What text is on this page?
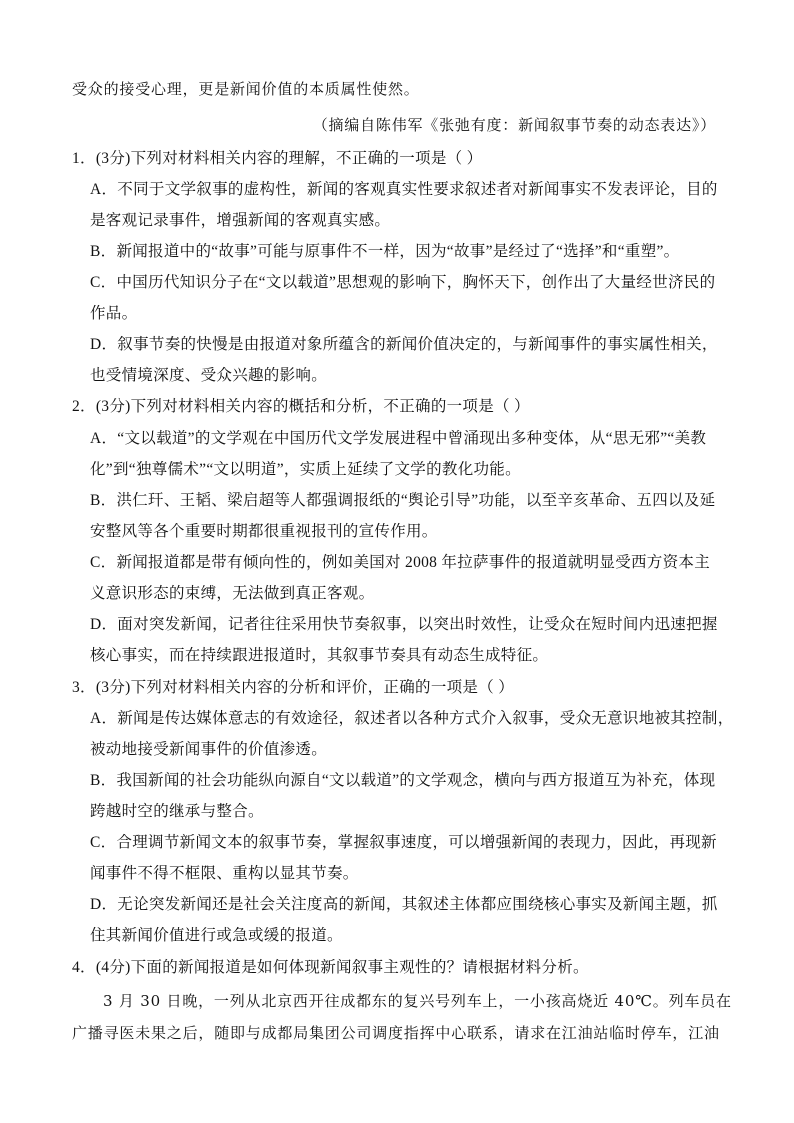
受众的接受心理，更是新闻价值的本质属性使然。
（摘编自陈伟军《张弛有度：新闻叙事节奏的动态表达》）
1．(3分)下列对材料相关内容的理解，不正确的一项是（ ）
A．不同于文学叙事的虚构性，新闻的客观真实性要求叙述者对新闻事实不发表评论，目的
是客观记录事件，增强新闻的客观真实感。
B．新闻报道中的“故事”可能与原事件不一样，因为“故事”是经过了“选择”和“重塑”。
C．中国历代知识分子在“文以载道”思想观的影响下，胸怀天下，创作出了大量经世济民的
作品。
D．叙事节奏的快慢是由报道对象所蕴含的新闻价值决定的，与新闻事件的事实属性相关，
也受情境深度、受众兴趣的影响。
2．(3分)下列对材料相关内容的概括和分析，不正确的一项是（ ）
A．“文以载道”的文学观在中国历代文学发展进程中曾涌现出多种变体，从“思无邪”“美教
化”到“独尊儒术”“文以明道”，实质上延续了文学的教化功能。
B．洪仁玕、王韬、梁启超等人都强调报纸的“舆论引导”功能，以至辛亥革命、五四以及延
安整风等各个重要时期都很重视报刊的宣传作用。
C．新闻报道都是带有倾向性的，例如美国对 2008 年拉萨事件的报道就明显受西方资本主
义意识形态的束缚，无法做到真正客观。
D．面对突发新闻，记者往往采用快节奏叙事，以突出时效性，让受众在短时间内迅速把握
核心事实，而在持续跟进报道时，其叙事节奏具有动态生成特征。
3．(3分)下列对材料相关内容的分析和评价，正确的一项是（ ）
A．新闻是传达媒体意志的有效途径，叙述者以各种方式介入叙事，受众无意识地被其控制，
被动地接受新闻事件的价值渗透。
B．我国新闻的社会功能纵向源自“文以载道”的文学观念，横向与西方报道互为补充，体现
跨越时空的继承与整合。
C．合理调节新闻文本的叙事节奏，掌握叙事速度，可以增强新闻的表现力，因此，再现新
闻事件不得不框限、重构以显其节奏。
D．无论突发新闻还是社会关注度高的新闻，其叙述主体都应围绕核心事实及新闻主题，抓
住其新闻价值进行或急或缓的报道。
4．(4分)下面的新闻报道是如何体现新闻叙事主观性的？请根据材料分析。
3 月 30 日晚，一列从北京西开往成都东的复兴号列车上，一小孩高烧近 40℃。列车员在
广播寻医未果之后，随即与成都局集团公司调度指挥中心联系，请求在江油站临时停车，江油
